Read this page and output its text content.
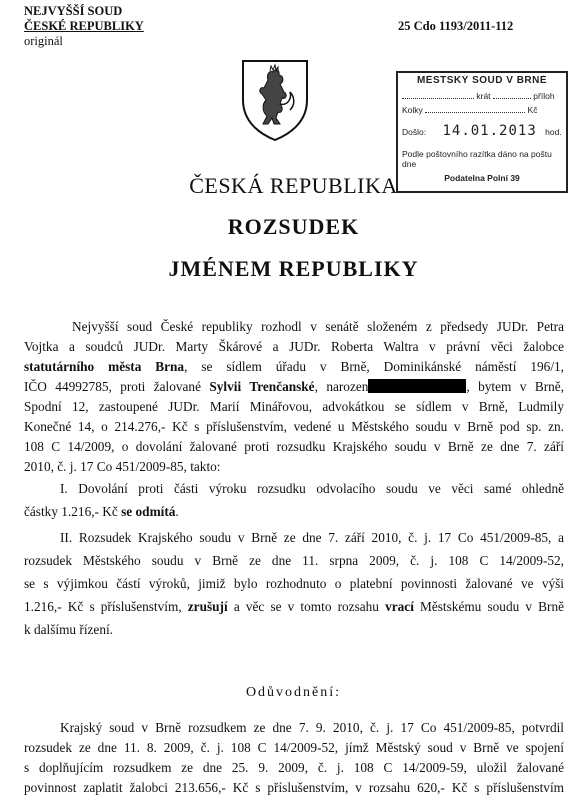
NEJVYŠŠÍ SOUD
ČESKÉ REPUBLIKY
originál
25 Cdo 1193/2011-112
MĚSTSKÝ SOUD V BRNĚ
krát	příloh
Kolky	Kč
Došlo: 14.01.2013 hod.
Podle poštovního razítka dáno na poštu dne
Podatelna Polní 39
ČESKÁ REPUBLIKA
ROZSUDEK
JMÉNEM REPUBLIKY
Nejvyšší soud České republiky rozhodl v senátě složeném z předsedy JUDr. Petra
Vojtka a soudců JUDr. Marty Škárové a JUDr. Roberta Waltra v právní věci žalobce
statutárního města Brna, se sídlem úřadu v Brně, Dominikánské náměstí 196/1,
IČO 44992785, proti žalované Sylvii Trenčanské, narozen	, bytem v Brně,
Spodní 12, zastoupené JUDr. Marií Minářovou, advokátkou se sídlem v Brně, Ludmily
Konečné 14, o 214.276,- Kč s příslušenstvím, vedené u Městského soudu v Brně pod sp. zn.
108 C 14/2009, o dovolání žalované proti rozsudku Krajského soudu v Brně ze dne 7. září
2010, č. j. 17 Co 451/2009-85, takto:
I. Dovolání proti části výroku rozsudku odvolacího soudu ve věci samé ohledně
částky 1.216,- Kč se odmítá.
II. Rozsudek Krajského soudu v Brně ze dne 7. září 2010, č. j. 17 Co 451/2009-85, a
rozsudek Městského soudu v Brně ze dne 11. srpna 2009, č. j. 108 C 14/2009-52,
se s výjimkou částí výroků, jimiž bylo rozhodnuto o platební povinnosti žalované ve výši
1.216,- Kč s příslušenstvím, zrušují a věc se v tomto rozsahu vrací Městskému soudu v Brně
k dalšímu řízení.
Odůvodnění:
Krajský soud v Brně rozsudkem ze dne 7. 9. 2010, č. j. 17 Co 451/2009-85, potvrdil
rozsudek ze dne 11. 8. 2009, č. j. 108 C 14/2009-52, jímž Městský soud v Brně ve spojení
s doplňujícím rozsudkem ze dne 25. 9. 2009, č. j. 108 C 14/2009-59, uložil žalované
povinnost zaplatit žalobci 213.656,- Kč s příslušenstvím, v rozsahu 620,- Kč s příslušenstvím
